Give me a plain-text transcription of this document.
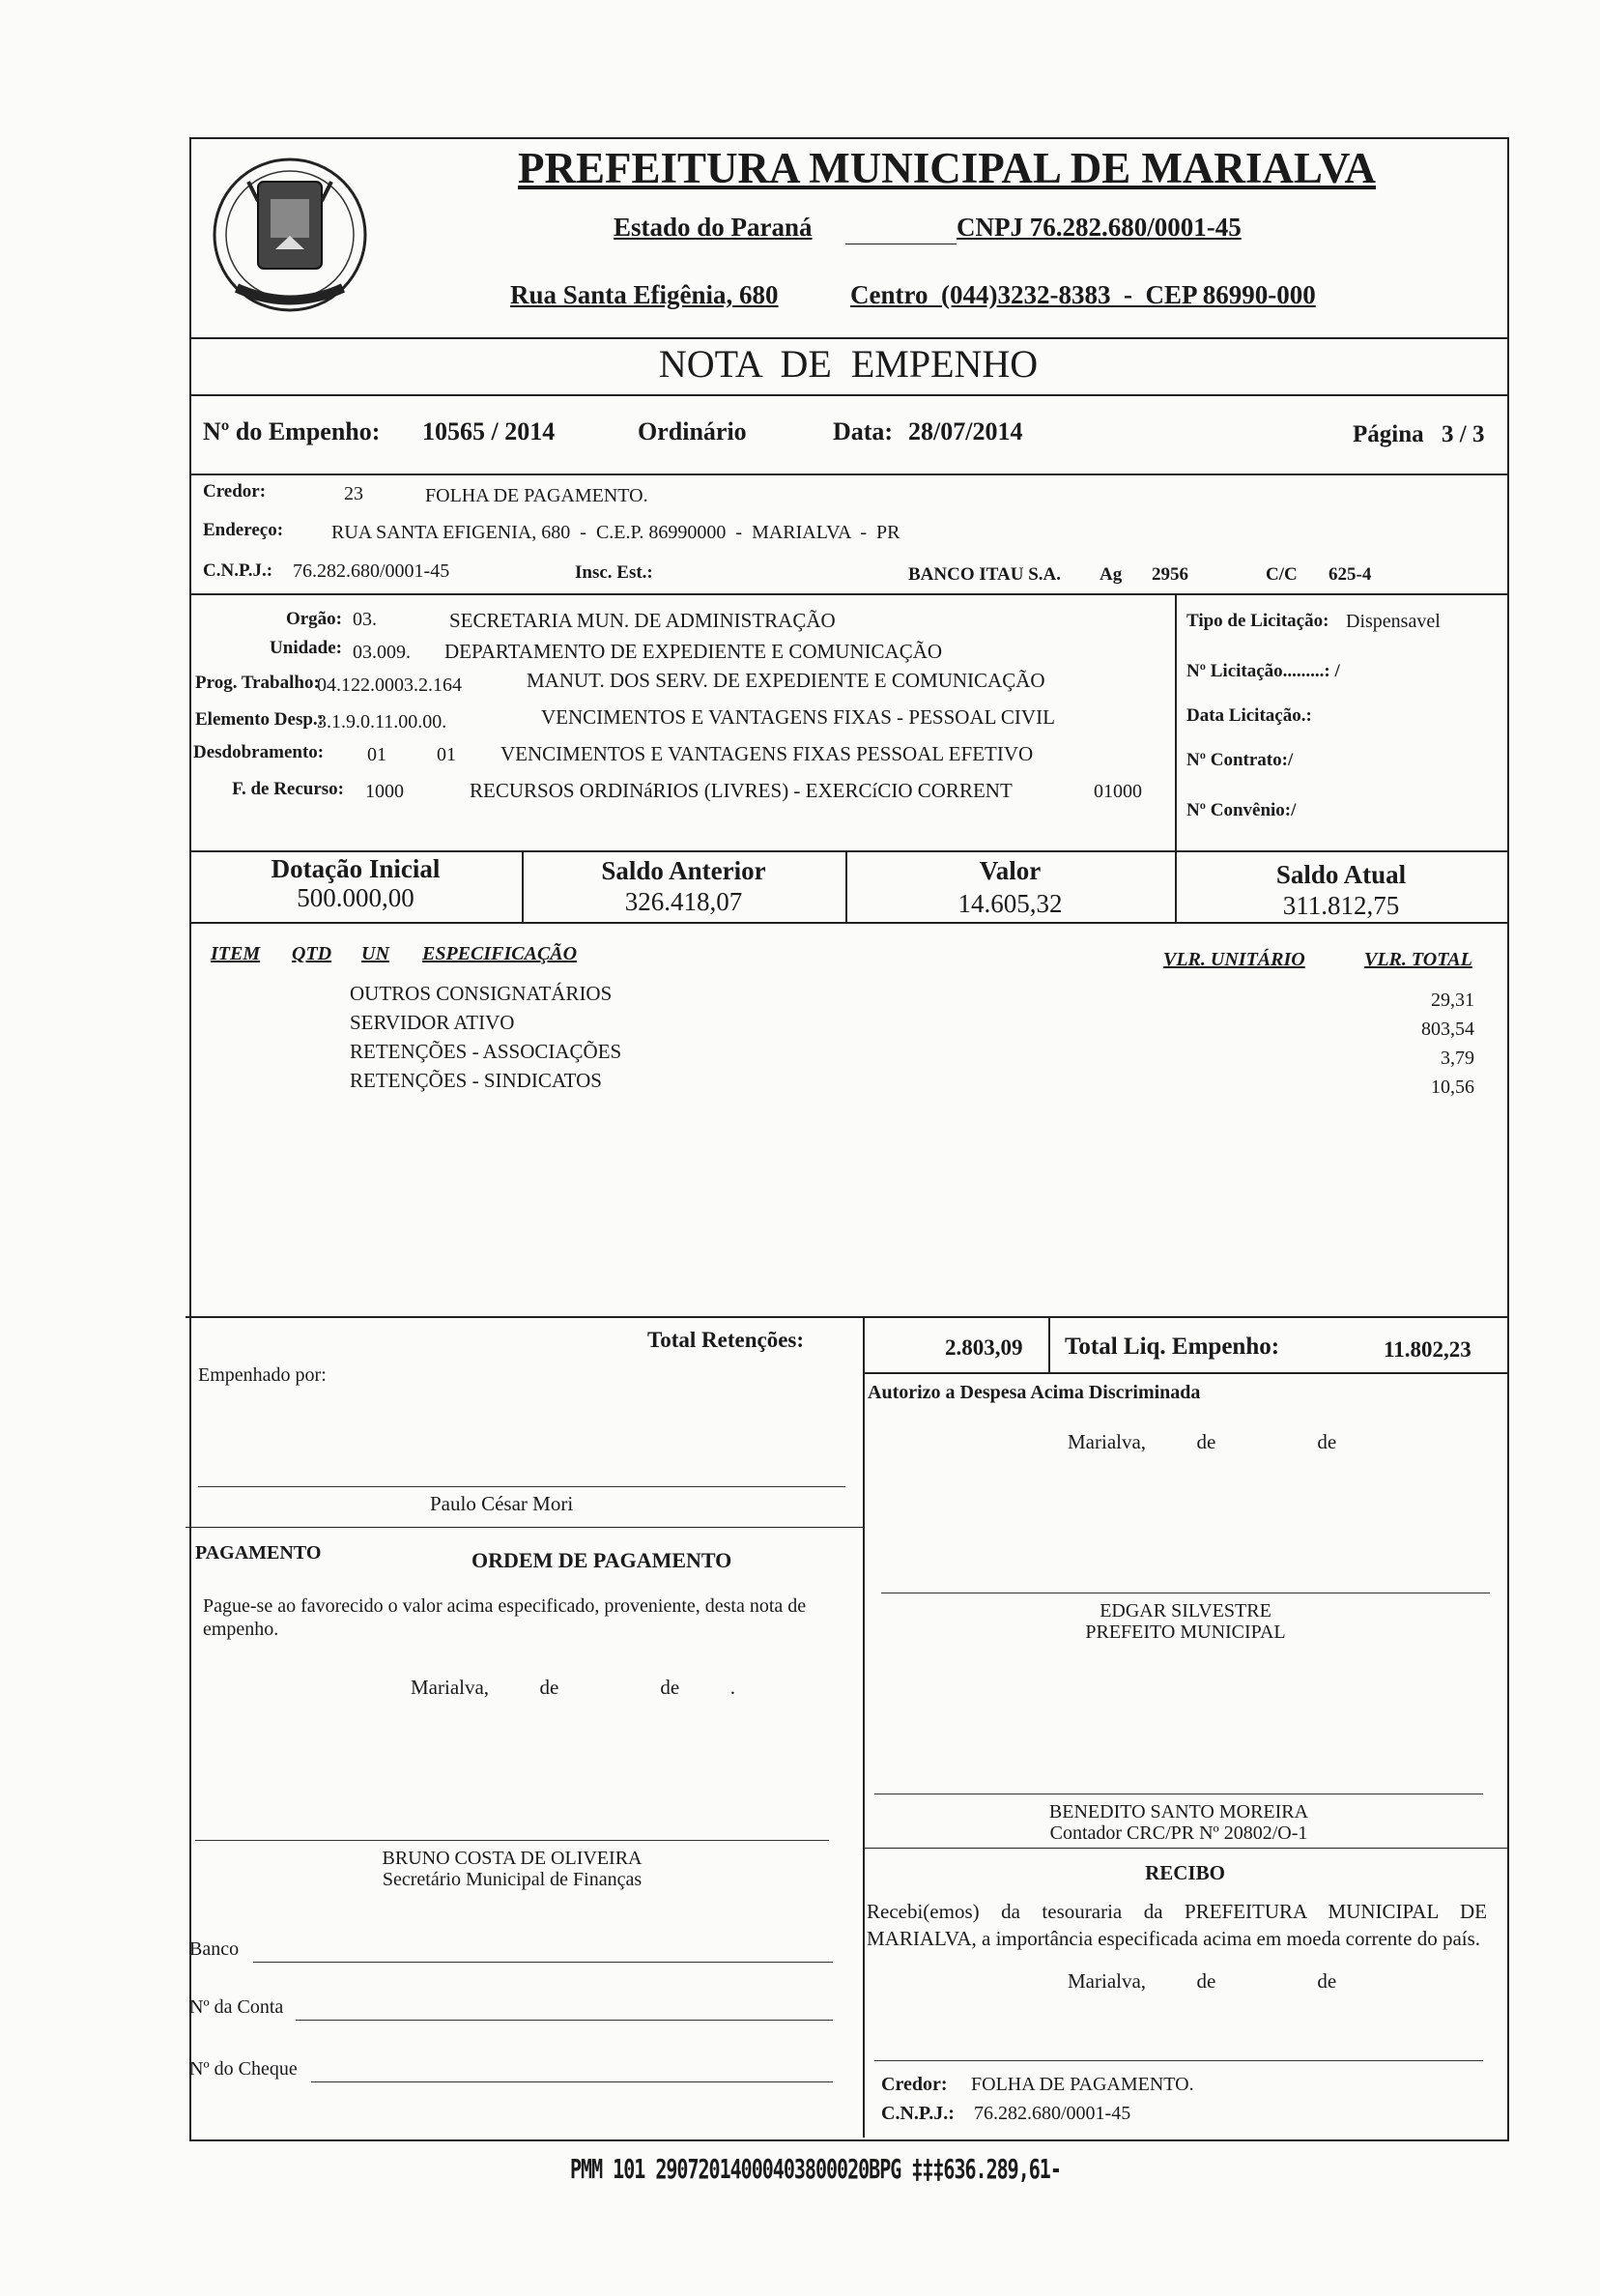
PREFEITURA MUNICIPAL DE MARIALVA
Estado do Paraná	CNPJ 76.282.680/0001-45
Rua Santa Efigênia, 680	Centro  (044)3232-8383  -  CEP 86990-000
NOTA  DE  EMPENHO
Nº do Empenho: 10565 / 2014	Ordinário	Data: 28/07/2014	Página 3 / 3
Credor:	23	FOLHA DE PAGAMENTO.
Endereço: RUA SANTA EFIGENIA, 680  -  C.E.P. 86990000  -  MARIALVA  -  PR
C.N.P.J.: 76.282.680/0001-45	Insc. Est.:	BANCO ITAU S.A. Ag 2956	C/C 625-4
Orgão: 03.	SECRETARIA MUN. DE ADMINISTRAÇÃO
Unidade: 03.009. DEPARTAMENTO DE EXPEDIENTE E COMUNICAÇÃO
Prog. Trabalho:
04.122.0003.2.164	MANUT. DOS SERV. DE EXPEDIENTE E COMUNICAÇÃO
Elemento Desp.:
3.1.9.0.11.00.00.	VENCIMENTOS E VANTAGENS FIXAS - PESSOAL CIVIL
Desdobramento: 01	01 VENCIMENTOS E VANTAGENS FIXAS PESSOAL EFETIVO
F. de Recurso: 1000	RECURSOS ORDINáRIOS (LIVRES) - EXERCíCIO CORRENT	01000
Tipo de Licitação: Dispensavel
Nº Licitação.........: /
Data Licitação.:
Nº Contrato:/
Nº Convênio:/
Dotação Inicial
500.000,00
Saldo Anterior
326.418,07
Valor
14.605,32
Saldo Atual
311.812,75
ITEM QTD UN ESPECIFICAÇÃO	VLR. UNITÁRIO	VLR. TOTAL
OUTROS CONSIGNATÁRIOS	29,31
SERVIDOR ATIVO	803,54
RETENÇÕES - ASSOCIAÇÕES	3,79
RETENÇÕES - SINDICATOS	10,56
Total Retenções:	2.803,09 Total Liq. Empenho:	11.802,23
Empenhado por:
Paulo César Mori
Autorizo a Despesa Acima Discriminada
Marialva,          de                    de
PAGAMENTO	ORDEM DE PAGAMENTO
Pague-se ao favorecido o valor acima especificado, proveniente, desta nota de empenho.
Marialva,          de                    de          .
EDGAR SILVESTRE
PREFEITO MUNICIPAL
BENEDITO SANTO MOREIRA
Contador CRC/PR Nº 20802/O-1
RECIBO
Recebi(emos) da tesouraria da PREFEITURA MUNICIPAL DE MARIALVA, a importância especificada acima em moeda corrente do país.
Marialva,          de                    de
BRUNO COSTA DE OLIVEIRA
Secretário Municipal de Finanças
Banco
Nº da Conta
Nº do Cheque
Credor: FOLHA DE PAGAMENTO.
C.N.P.J.: 76.282.680/0001-45
PMM 101 29072014000403800020BPG ‡‡‡636.289,61-
